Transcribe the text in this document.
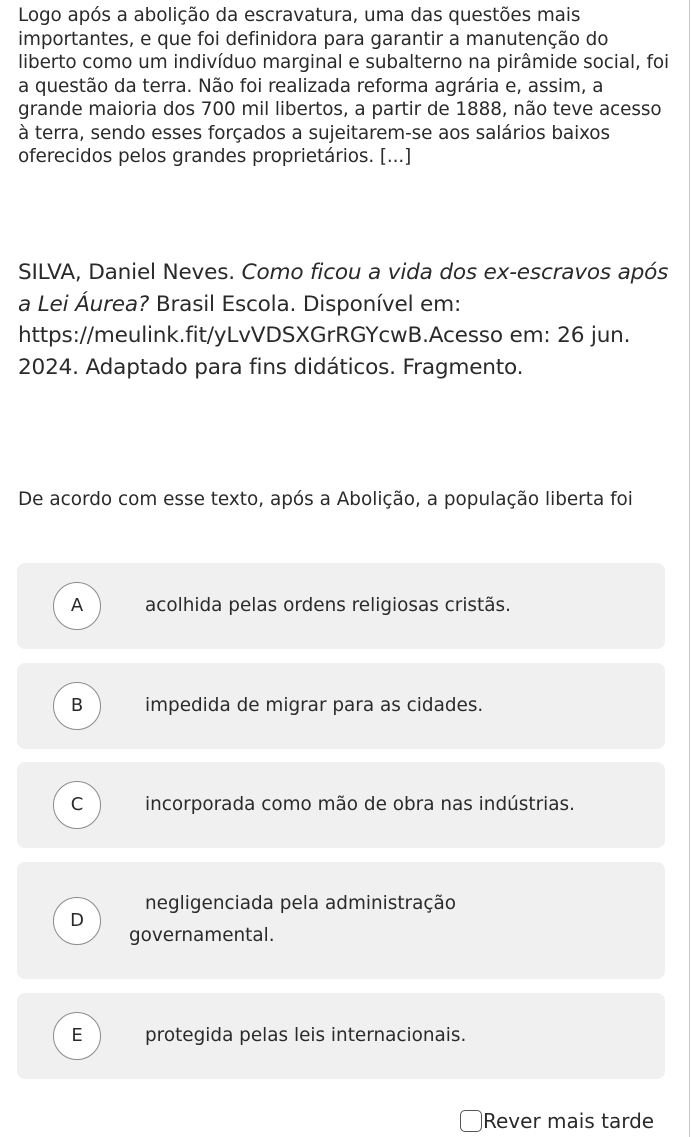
Logo após a abolição da escravatura, uma das questões mais importantes, e que foi definidora para garantir a manutenção do liberto como um indivíduo marginal e subalterno na pirâmide social, foi a questão da terra. Não foi realizada reforma agrária e, assim, a grande maioria dos 700 mil libertos, a partir de 1888, não teve acesso à terra, sendo esses forçados a sujeitarem-se aos salários baixos oferecidos pelos grandes proprietários. [...]

SILVA, Daniel Neves. Como ficou a vida dos ex-escravos após a Lei Áurea? Brasil Escola. Disponível em: https://meulink.fit/yLvVDSXGrRGYcwB.Acesso em: 26 jun. 2024. Adaptado para fins didáticos. Fragmento.

De acordo com esse texto, após a Abolição, a população liberta foi

A	acolhida pelas ordens religiosas cristãs.
B	impedida de migrar para as cidades.
C	incorporada como mão de obra nas indústrias.
D
negligenciada pela administração governamental.
E	protegida pelas leis internacionais.
Rever mais tarde
